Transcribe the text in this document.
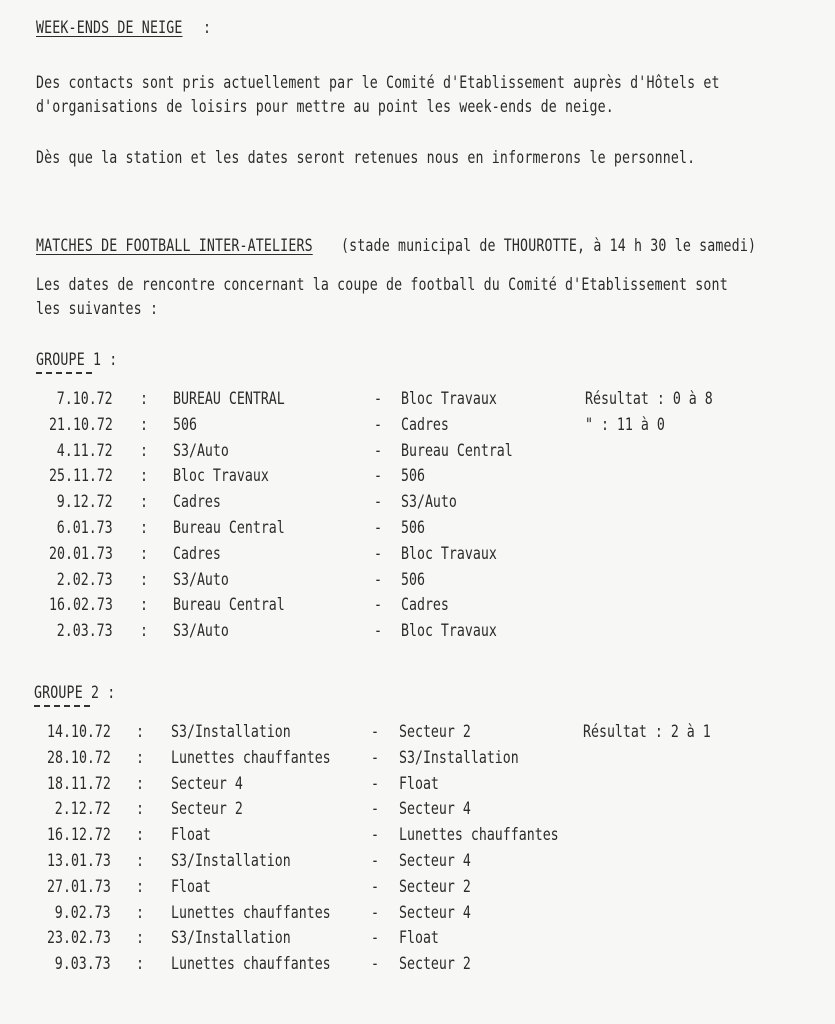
WEEK-ENDS DE NEIGE :
Des contacts sont pris actuellement par le Comité d'Etablissement auprès d'Hôtels et
d'organisations de loisirs pour mettre au point les week-ends de neige.
Dès que la station et les dates seront retenues nous en informerons le personnel.
MATCHES DE FOOTBALL INTER-ATELIERS (stade municipal de THOUROTTE, à 14 h 30 le samedi)
Les dates de rencontre concernant la coupe de football du Comité d'Etablissement sont
les suivantes :
GROUPE 1 :
7.10.72 : BUREAU CENTRAL	- Bloc Travaux	Résultat : 0 à 8
21.10.72 : 506	- Cadres	" : 11 à 0
4.11.72 : S3/Auto	- Bureau Central
25.11.72 : Bloc Travaux	- 506
9.12.72 : Cadres	- S3/Auto
6.01.73 : Bureau Central	- 506
20.01.73 : Cadres	- Bloc Travaux
2.02.73 : S3/Auto	- 506
16.02.73 : Bureau Central	- Cadres
2.03.73 : S3/Auto	- Bloc Travaux
GROUPE 2 :
14.10.72 : S3/Installation	- Secteur 2	Résultat : 2 à 1
28.10.72 : Lunettes chauffantes - S3/Installation
18.11.72 : Secteur 4	- Float
2.12.72 : Secteur 2	- Secteur 4
16.12.72 : Float	- Lunettes chauffantes
13.01.73 : S3/Installation	- Secteur 4
27.01.73 : Float	- Secteur 2
9.02.73 : Lunettes chauffantes - Secteur 4
23.02.73 : S3/Installation	- Float
9.03.73 : Lunettes chauffantes - Secteur 2
